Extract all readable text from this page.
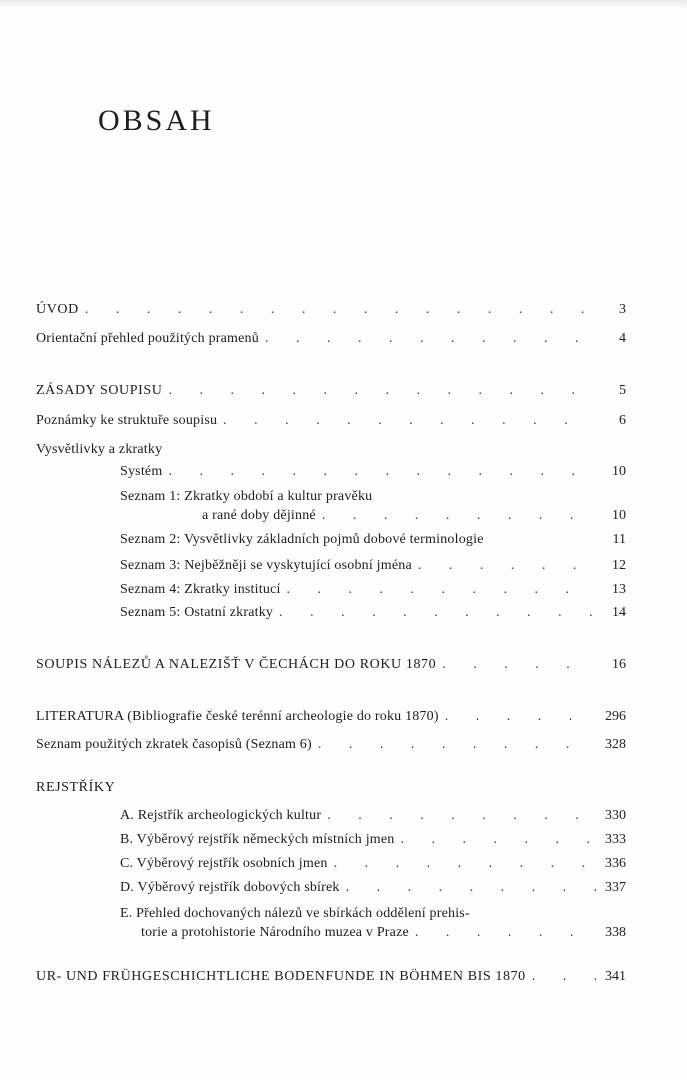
OBSAH
ÚVOD . . .	3
Orientační přehled použitých pramenů . . .	4
ZÁSADY SOUPISU . . .	5
Poznámky ke struktuře soupisu . . .	6
Vysvětlivky a zkratky
Systém . . .	10
Seznam 1: Zkratky období a kultur pravěku
a rané doby dějinné . . .	10
Seznam 2: Vysvětlivky základních pojmů dobové terminologie	11
Seznam 3: Nejběžněji se vyskytující osobní jména . . .	12
Seznam 4: Zkratky institucí . . .	13
Seznam 5: Ostatní zkratky . . .	14
SOUPIS NÁLEZŮ A NALEZIŠŤ V ČECHÁCH DO ROKU 1870 . . .	16
LITERATURA (Bibliografie české terénní archeologie do roku 1870) . . .	296
Seznam použitých zkratek časopisů (Seznam 6) . . .	328
REJSTŘÍKY
A. Rejstřík archeologických kultur . . .	330
B. Výběrový rejstřík německých místních jmen . . .	333
C. Výběrový rejstřík osobních jmen . . .	336
D. Výběrový rejstřík dobových sbírek . . .	337
E. Přehled dochovaných nálezů ve sbírkách oddělení prehis-
torie a protohistorie Národního muzea v Praze . . .	338
UR- UND FRÜHGESCHICHTLICHE BODENFUNDE IN BÖHMEN BIS 1870 . . .	341
